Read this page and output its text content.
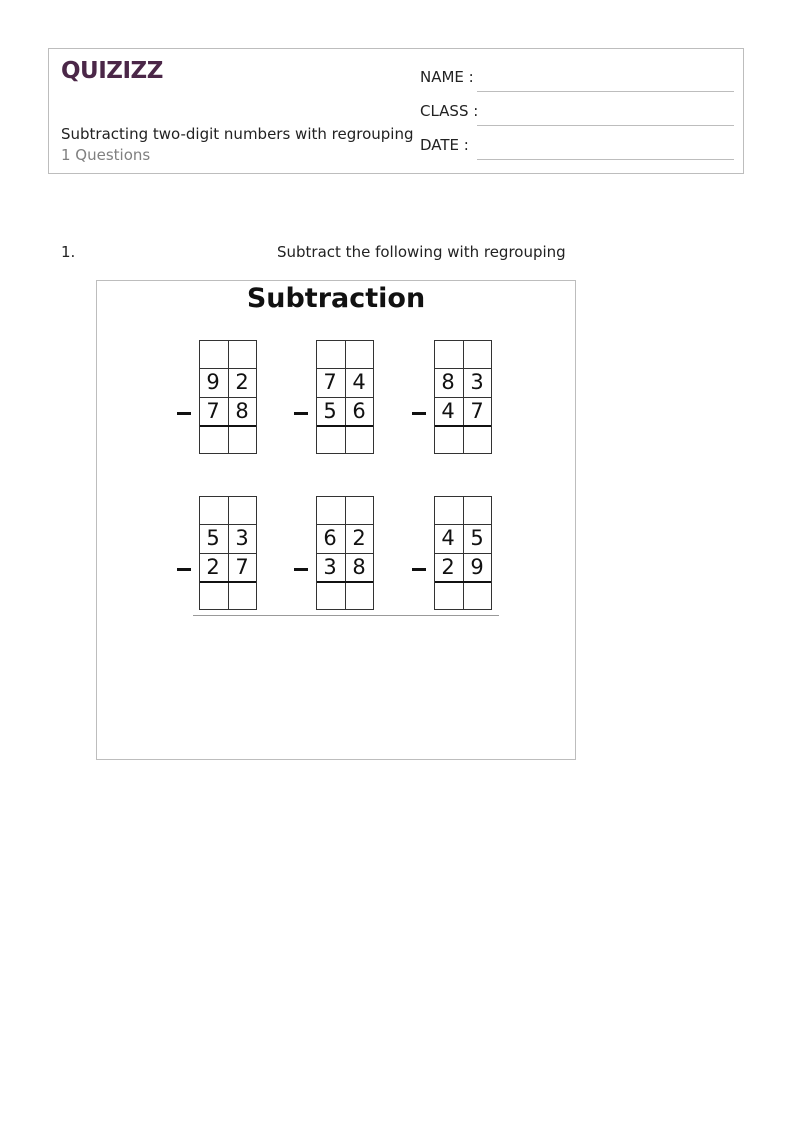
QUIZIZZ
Subtracting two-digit numbers with regrouping
1 Questions
NAME :
CLASS :
DATE :
1.	Subtract the following with regrouping
Subtraction
9 2
7 8
7 4
5 6
8 3
4 7
5 3
2 7
6 2
3 8
4 5
2 9
